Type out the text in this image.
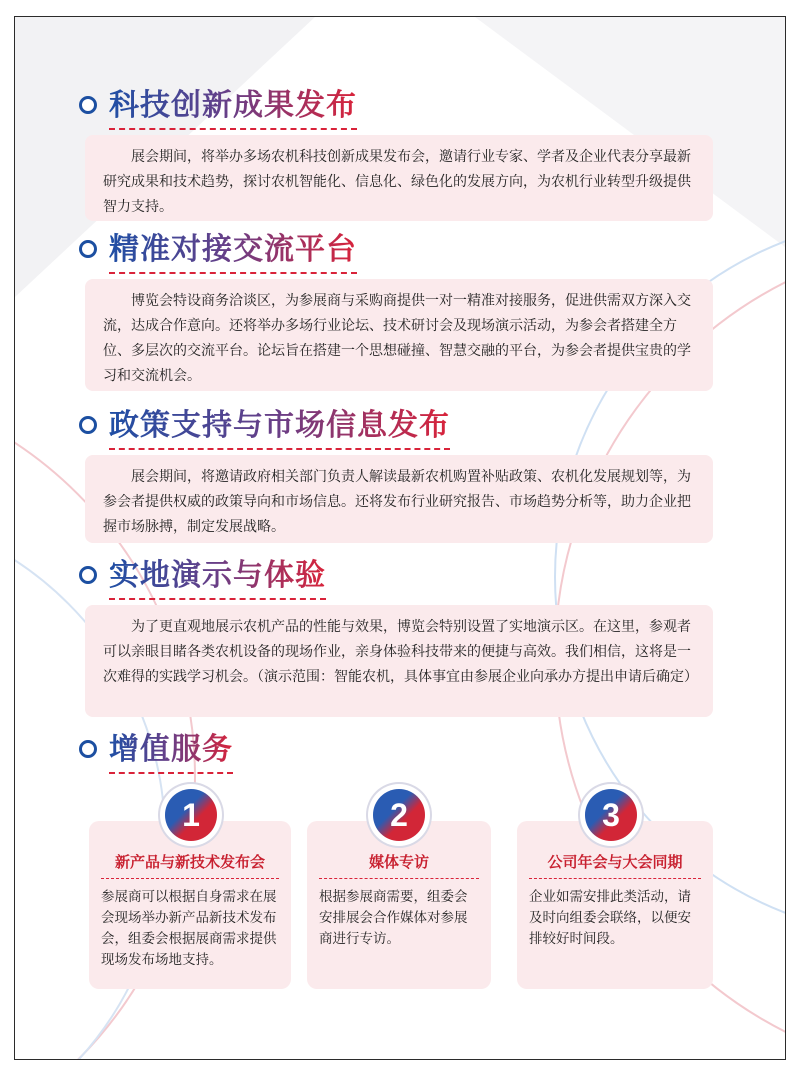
科技创新成果发布
展会期间，将举办多场农机科技创新成果发布会，邀请行业专家、学者及企业代表分享最新研究成果和技术趋势，探讨农机智能化、信息化、绿色化的发展方向，为农机行业转型升级提供智力支持。
精准对接交流平台
博览会特设商务洽谈区，为参展商与采购商提供一对一精准对接服务，促进供需双方深入交流，达成合作意向。还将举办多场行业论坛、技术研讨会及现场演示活动，为参会者搭建全方位、多层次的交流平台。论坛旨在搭建一个思想碰撞、智慧交融的平台，为参会者提供宝贵的学习和交流机会。
政策支持与市场信息发布
展会期间，将邀请政府相关部门负责人解读最新农机购置补贴政策、农机化发展规划等，为参会者提供权威的政策导向和市场信息。还将发布行业研究报告、市场趋势分析等，助力企业把握市场脉搏，制定发展战略。
实地演示与体验
为了更直观地展示农机产品的性能与效果，博览会特别设置了实地演示区。在这里，参观者可以亲眼目睹各类农机设备的现场作业，亲身体验科技带来的便捷与高效。我们相信，这将是一次难得的实践学习机会。（演示范围：智能农机，具体事宜由参展企业向承办方提出申请后确定）
增值服务
1
新产品与新技术发布会
参展商可以根据自身需求在展会现场举办新产品新技术发布会，组委会根据展商需求提供现场发布场地支持。
2
媒体专访
根据参展商需要，组委会安排展会合作媒体对参展商进行专访。
3
公司年会与大会同期
企业如需安排此类活动，请及时向组委会联络，以便安排较好时间段。
